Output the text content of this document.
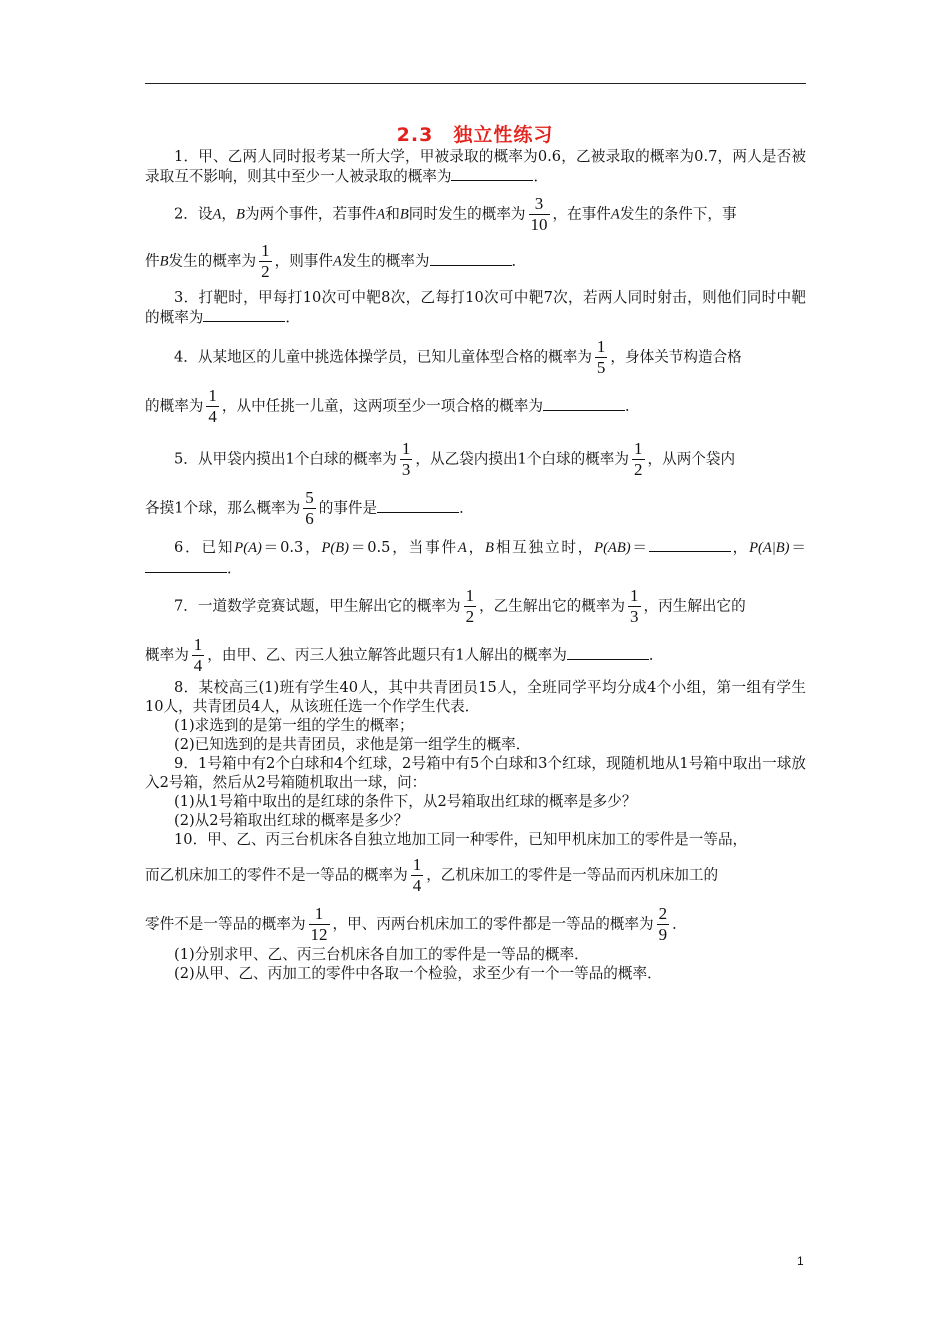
2.3　独立性练习
1．甲、乙两人同时报考某一所大学，甲被录取的概率为0.6，乙被录取的概率为0.7，两人是否被录取互不影响，则其中至少一人被录取的概率为	．
2．设A，B为两个事件，若事件A和B同时发生的概率为 $\frac{3}{10}$ ，在事件A发生的条件下，事
件B发生的概率为 $\frac{1}{2}$ ，则事件A发生的概率为	．
3．打靶时，甲每打10次可中靶8次，乙每打10次可中靶7次，若两人同时射击，则他们同时中靶的概率为	．
4．从某地区的儿童中挑选体操学员，已知儿童体型合格的概率为 $\frac{1}{5}$ ，身体关节构造合格
的概率为 $\frac{1}{4}$ ，从中任挑一儿童，这两项至少一项合格的概率为	．
5．从甲袋内摸出1个白球的概率为 $\frac{1}{3}$ ，从乙袋内摸出1个白球的概率为 $\frac{1}{2}$ ，从两个袋内
各摸1个球，那么概率为 $\frac{5}{6}$ 的事件是	．
6．已知P(A)＝0.3，P(B)＝0.5，当事件A，B相互独立时，P(AB)＝	，P(A|B)＝．
7．一道数学竞赛试题，甲生解出它的概率为 $\frac{1}{2}$ ，乙生解出它的概率为 $\frac{1}{3}$ ，丙生解出它的
概率为 $\frac{1}{4}$ ，由甲、乙、丙三人独立解答此题只有1人解出的概率为	．
8．某校高三(1)班有学生40人，其中共青团员15人，全班同学平均分成4个小组，第一组有学生10人，共青团员4人，从该班任选一个作学生代表．
(1)求选到的是第一组的学生的概率；
(2)已知选到的是共青团员，求他是第一组学生的概率．
9．1号箱中有2个白球和4个红球，2号箱中有5个白球和3个红球，现随机地从1号箱中取出一球放入2号箱，然后从2号箱随机取出一球，问：
(1)从1号箱中取出的是红球的条件下，从2号箱取出红球的概率是多少？
(2)从2号箱取出红球的概率是多少？
10．甲、乙、丙三台机床各自独立地加工同一种零件，已知甲机床加工的零件是一等品，
而乙机床加工的零件不是一等品的概率为 $\frac{1}{4}$ ，乙机床加工的零件是一等品而丙机床加工的
零件不是一等品的概率为 $\frac{1}{12}$ ，甲、丙两台机床加工的零件都是一等品的概率为 $\frac{2}{9}$ ．
(1)分别求甲、乙、丙三台机床各自加工的零件是一等品的概率．
(2)从甲、乙、丙加工的零件中各取一个检验，求至少有一个一等品的概率．
1
